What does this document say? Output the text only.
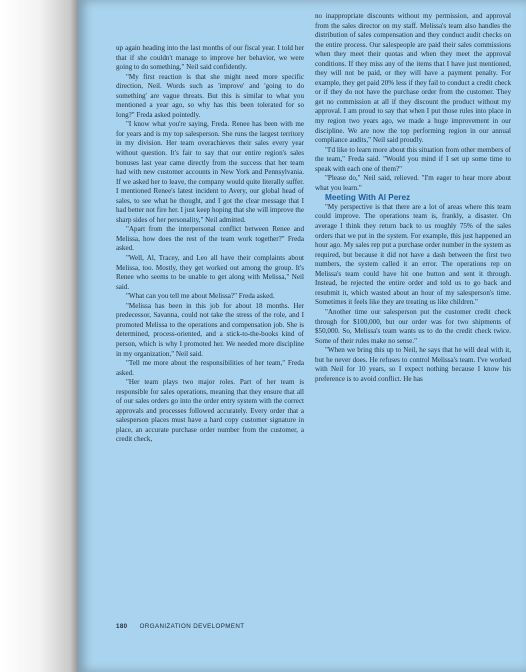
up again heading into the last months of our fiscal year. I told her that if she couldn't manage to improve her behavior, we were going to do something," Neil said confidently.

"My first reaction is that she might need more specific direction, Neil. Words such as 'improve' and 'going to do something' are vague threats. But this is similar to what you mentioned a year ago, so why has this been tolerated for so long?" Freda asked pointedly.

"I know what you're saying, Freda. Renee has been with me for years and is my top salesperson. She runs the largest territory in my division. Her team overachieves their sales every year without question. It's fair to say that our entire region's sales bonuses last year came directly from the success that her team had with new customer accounts in New York and Pennsylvania. If we asked her to leave, the company would quite literally suffer. I mentioned Renee's latest incident to Avery, our global head of sales, to see what he thought, and I got the clear message that I had better not fire her. I just keep hoping that she will improve the sharp sides of her personality," Neil admitted.

"Apart from the interpersonal conflict between Renee and Melissa, how does the rest of the team work together?" Freda asked.

"Well, Al, Tracey, and Leo all have their complaints about Melissa, too. Mostly, they get worked out among the group. It's Renee who seems to be unable to get along with Melissa," Neil said.

"What can you tell me about Melissa?" Freda asked.

"Melissa has been in this job for about 18 months. Her predecessor, Savanna, could not take the stress of the role, and I promoted Melissa to the operations and compensation job. She is determined, process-oriented, and a stick-to-the-books kind of person, which is why I promoted her. We needed more discipline in my organization," Neil said.

"Tell me more about the responsibilities of her team," Freda asked.

"Her team plays two major roles. Part of her team is responsible for sales operations, meaning that they ensure that all of our sales orders go into the order entry system with the correct approvals and processes followed accurately. Every order that a salesperson places must have a hard copy customer signature in place, an accurate purchase order number from the customer, a credit check,

no inappropriate discounts without my permission, and approval from the sales director on my staff. Melissa's team also handles the distribution of sales compensation and they conduct audit checks on the entire process. Our salespeople are paid their sales commissions when they meet their quotas and when they meet the approval conditions. If they miss any of the items that I have just mentioned, they will not be paid, or they will have a payment penalty. For example, they get paid 20% less if they fail to conduct a credit check or if they do not have the purchase order from the customer. They get no commission at all if they discount the product without my approval. I am proud to say that when I put those rules into place in my region two years ago, we made a huge improvement in our discipline. We are now the top performing region in our annual compliance audits," Neil said proudly.

"I'd like to learn more about this situation from other members of the team," Freda said. "Would you mind if I set up some time to speak with each one of them?"

"Please do," Neil said, relieved. "I'm eager to hear more about what you learn."

Meeting With Al Perez

"My perspective is that there are a lot of areas where this team could improve. The operations team is, frankly, a disaster. On average I think they return back to us roughly 75% of the sales orders that we put in the system. For example, this just happened an hour ago. My sales rep put a purchase order number in the system as required, but because it did not have a dash between the first two numbers, the system called it an error. The operations rep on Melissa's team could have hit one button and sent it through. Instead, he rejected the entire order and told us to go back and resubmit it, which wasted about an hour of my salesperson's time. Sometimes it feels like they are treating us like children."

"Another time our salesperson put the customer credit check through for $100,000, but our order was for two shipments of $50,000. So, Melissa's team wants us to do the credit check twice. Some of their rules make no sense."

"When we bring this up to Neil, he says that he will deal with it, but he never does. He refuses to control Melissa's team. I've worked with Neil for 10 years, so I expect nothing because I know his preference is to avoid conflict. He has

180 ORGANIZATION DEVELOPMENT
